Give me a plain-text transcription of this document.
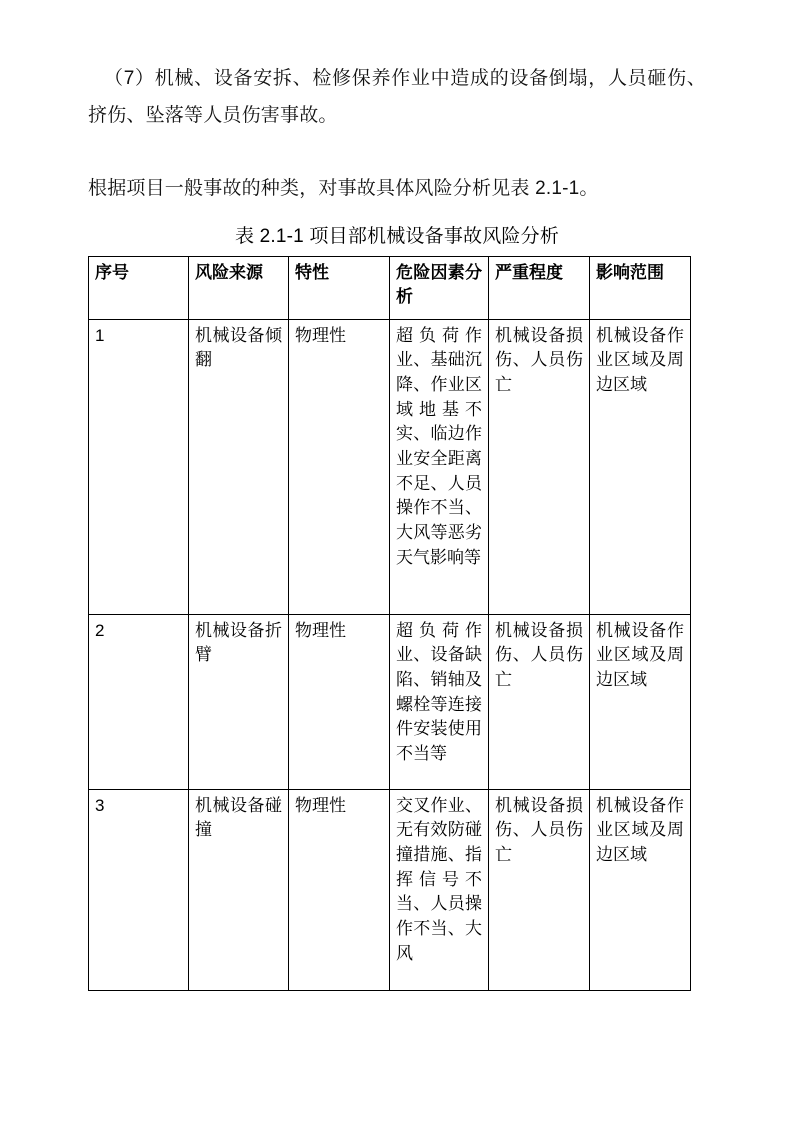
（7）机械、设备安拆、检修保养作业中造成的设备倒塌，人员砸伤、挤伤、坠落等人员伤害事故。

根据项目一般事故的种类，对事故具体风险分析见表 2.1-1。

表 2.1-1 项目部机械设备事故风险分析
序号	风险来源	特性	危险因素分析	严重程度	影响范围
1	机械设备倾翻	物理性	超负荷作业、基础沉降、作业区域地基不实、临边作业安全距离不足、人员操作不当、大风等恶劣天气影响等	机械设备损伤、人员伤亡	机械设备作业区域及周边区域
2	机械设备折臂	物理性	超负荷作业、设备缺陷、销轴及螺栓等连接件安装使用不当等	机械设备损伤、人员伤亡	机械设备作业区域及周边区域
3	机械设备碰撞	物理性	交叉作业、无有效防碰撞措施、指挥信号不当、人员操作不当、大风	机械设备损伤、人员伤亡	机械设备作业区域及周边区域
